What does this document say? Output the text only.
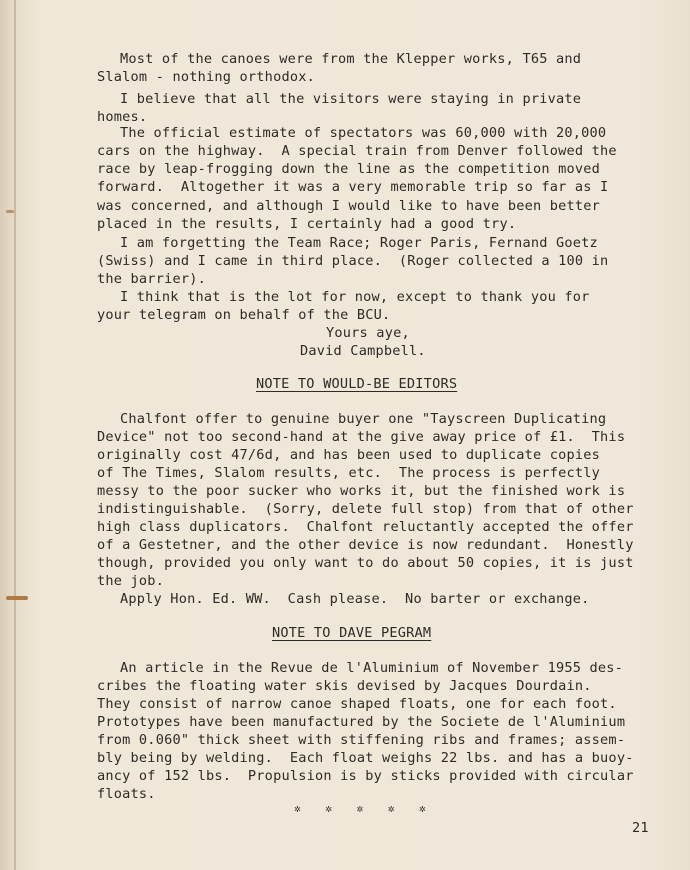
Most of the canoes were from the Klepper works, T65 and
Slalom - nothing orthodox.
I believe that all the visitors were staying in private
homes.
The official estimate of spectators was 60,000 with 20,000
cars on the highway.  A special train from Denver followed the
race by leap-frogging down the line as the competition moved
forward.  Altogether it was a very memorable trip so far as I
was concerned, and although I would like to have been better
placed in the results, I certainly had a good try.
I am forgetting the Team Race; Roger Paris, Fernand Goetz
(Swiss) and I came in third place.  (Roger collected a 100 in
the barrier).
I think that is the lot for now, except to thank you for
your telegram on behalf of the BCU.
Yours aye,
David Campbell.
NOTE TO WOULD-BE EDITORS
Chalfont offer to genuine buyer one "Tayscreen Duplicating
Device" not too second-hand at the give away price of £1.  This
originally cost 47/6d, and has been used to duplicate copies
of The Times, Slalom results, etc.  The process is perfectly
messy to the poor sucker who works it, but the finished work is
indistinguishable.  (Sorry, delete full stop) from that of other
high class duplicators.  Chalfont reluctantly accepted the offer
of a Gestetner, and the other device is now redundant.  Honestly
though, provided you only want to do about 50 copies, it is just
the job.
Apply Hon. Ed. WW.  Cash please.  No barter or exchange.
NOTE TO DAVE PEGRAM
An article in the Revue de l'Aluminium of November 1955 des-
cribes the floating water skis devised by Jacques Dourdain.
They consist of narrow canoe shaped floats, one for each foot.
Prototypes have been manufactured by the Societe de l'Aluminium
from 0.060" thick sheet with stiffening ribs and frames; assem-
bly being by welding.  Each float weighs 22 lbs. and has a buoy-
ancy of 152 lbs.  Propulsion is by sticks provided with circular
floats.
✲ ✲ ✲ ✲ ✲
21
